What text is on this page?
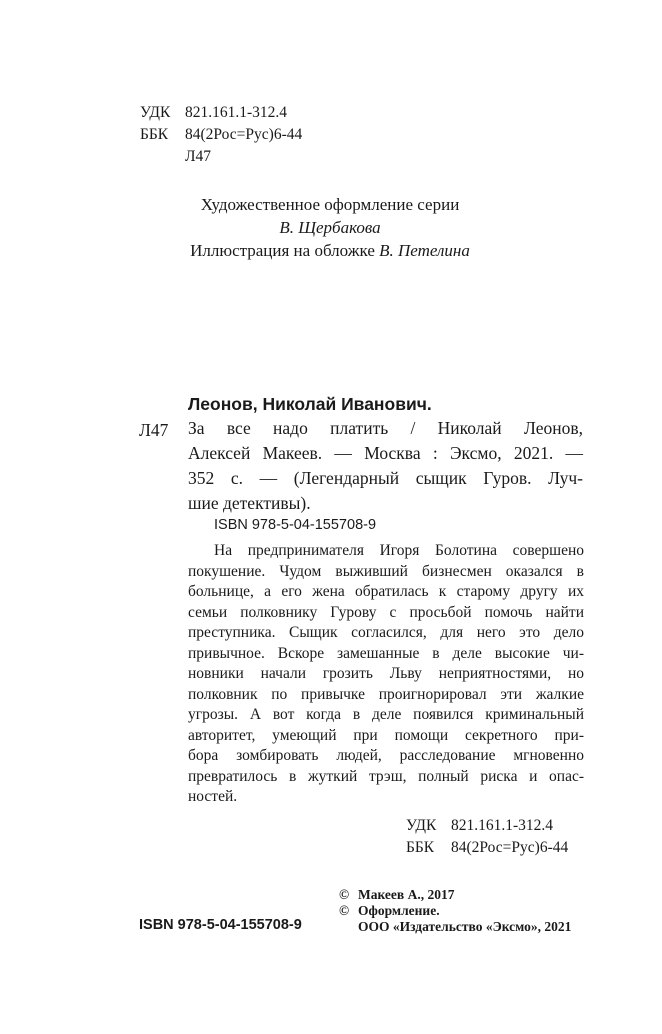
УДК 821.161.1-312.4
ББК 84(2Рос=Рус)6-44
Л47
Художественное оформление серии
В. Щербакова
Иллюстрация на обложке В. Петелина
Леонов, Николай Иванович.
Л47 За все надо платить / Николай Леонов,
Алексей Макеев. — Москва : Эксмо, 2021. —
352 с. — (Легендарный сыщик Гуров. Луч-
шие детективы).
ISBN 978-5-04-155708-9
На предпринимателя Игоря Болотина совершено
покушение. Чудом выживший бизнесмен оказался в
больнице, а его жена обратилась к старому другу их
семьи полковнику Гурову с просьбой помочь найти
преступника. Сыщик согласился, для него это дело
привычное. Вскоре замешанные в деле высокие чи-
новники начали грозить Льву неприятностями, но
полковник по привычке проигнорировал эти жалкие
угрозы. А вот когда в деле появился криминальный
авторитет, умеющий при помощи секретного при-
бора зомбировать людей, расследование мгновенно
превратилось в жуткий трэш, полный риска и опас-
ностей.
УДК 821.161.1-312.4
ББК 84(2Рос=Рус)6-44
ISBN 978-5-04-155708-9
© Макеев А., 2017
© Оформление.
ООО «Издательство «Эксмо», 2021
